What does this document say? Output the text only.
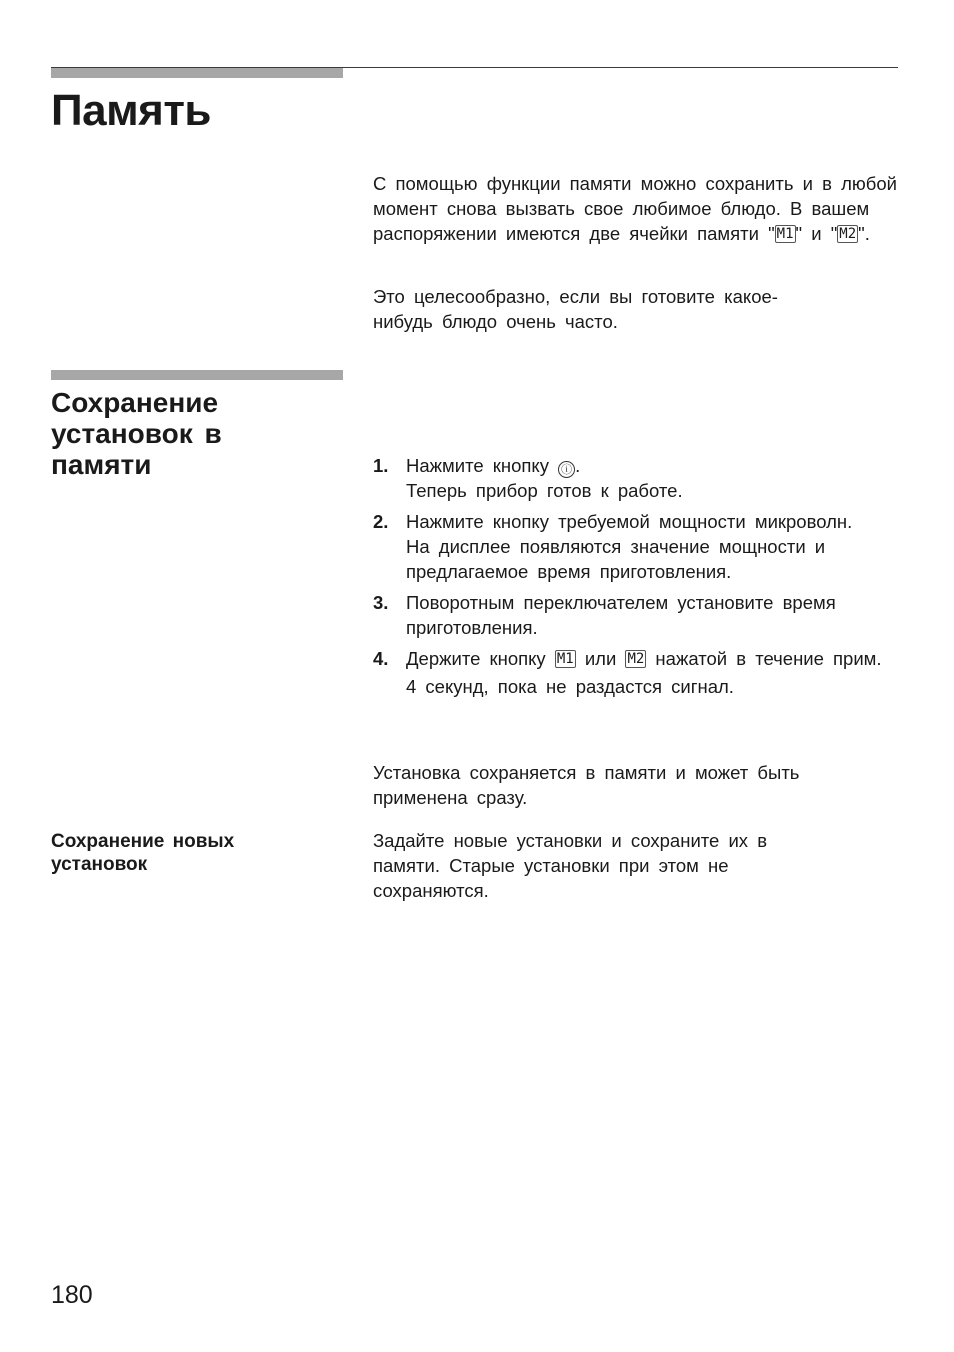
Память

С помощью функции памяти можно сохранить и в любой момент снова вызвать свое любимое блюдо. В вашем распоряжении имеются две ячейки памяти " M1 " и " M2 ".

Это целесообразно, если вы готовите какое-нибудь блюдо очень часто.

Сохранение установок в памяти	1. Нажмите кнопку ⓘ .
Теперь прибор готов к работе.
2. Нажмите кнопку требуемой мощности микроволн.
На дисплее появляются значение мощности и предлагаемое время приготовления.
3. Поворотным переключателем установите время приготовления.
4. Держите кнопку M1 или M2 нажатой в течение прим. 4 секунд, пока не раздастся сигнал.

Установка сохраняется в памяти и может быть применена сразу.

Сохранение новых установок

Задайте новые установки и сохраните их в памяти. Старые установки при этом не сохраняются.

180
